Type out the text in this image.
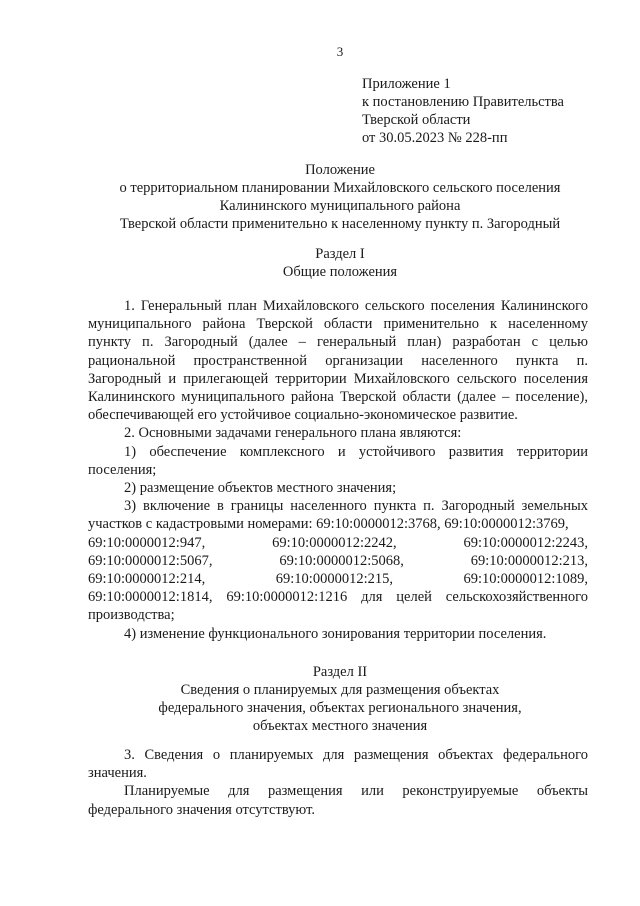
3
Приложение 1
к постановлению Правительства
Тверской области
от 30.05.2023 № 228-пп
Положение
о территориальном планировании Михайловского сельского поселения
Калининского муниципального района
Тверской области применительно к населенному пункту п. Загородный
Раздел I
Общие положения

1. Генеральный план Михайловского сельского поселения Калининского муниципального района Тверской области применительно к населенному пункту п. Загородный (далее – генеральный план) разработан с целью рациональной пространственной организации населенного пункта п. Загородный и прилегающей территории Михайловского сельского поселения Калининского муниципального района Тверской области (далее – поселение), обеспечивающей его устойчивое социально-экономическое развитие.

2. Основными задачами генерального плана являются:

1) обеспечение комплексного и устойчивого развития территории поселения;

2) размещение объектов местного значения;

3) включение в границы населенного пункта п. Загородный земельных участков с кадастровыми номерами: 69:10:0000012:3768, 69:10:0000012:3769,

69:10:0000012:947,	69:10:0000012:2242,	69:10:0000012:2243,
69:10:0000012:5067,	69:10:0000012:5068,	69:10:0000012:213,
69:10:0000012:214,	69:10:0000012:215,	69:10:0000012:1089,

69:10:0000012:1814, 69:10:0000012:1216 для целей сельскохозяйственного производства;

4) изменение функционального зонирования территории поселения.

Раздел II
Сведения о планируемых для размещения объектах
федерального значения, объектах регионального значения,
объектах местного значения

3. Сведения о планируемых для размещения объектах федерального значения.

Планируемые для размещения или реконструируемые объекты федерального значения отсутствуют.
